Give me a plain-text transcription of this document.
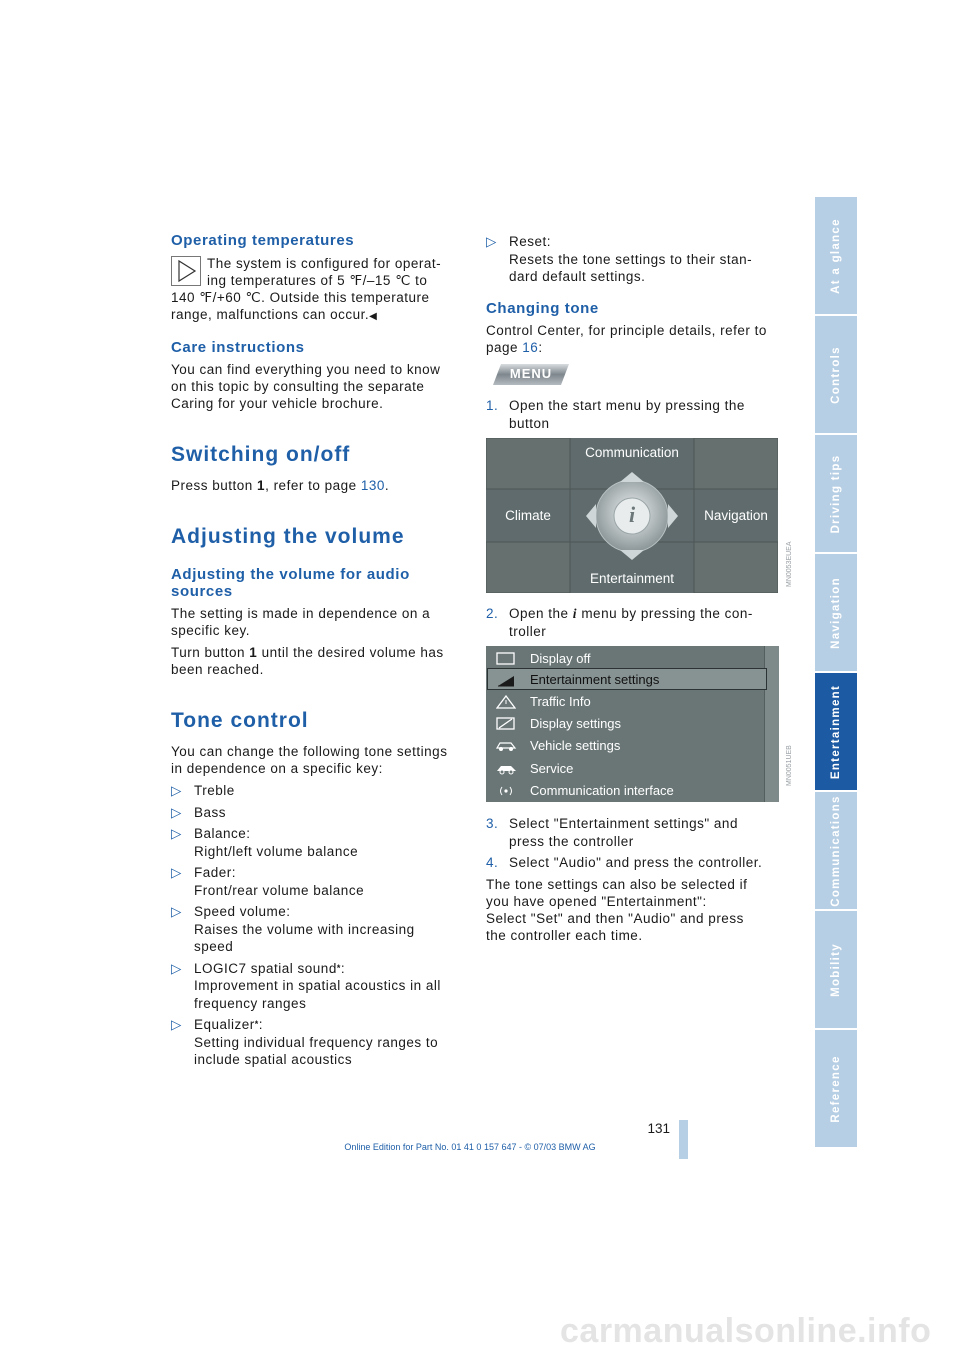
Operating temperatures
The system is configured for operat-
ing temperatures of 5 ℉/–15 ℃ to
140 ℉/+60 ℃. Outside this temperature
range, malfunctions can occur.◀
Care instructions
You can find everything you need to know
on this topic by consulting the separate
Caring for your vehicle brochure.
Switching on/off
Press button 1, refer to page 130.
Adjusting the volume
Adjusting the volume for audio
sources
The setting is made in dependence on a
specific key.
Turn button 1 until the desired volume has
been reached.
Tone control
You can change the following tone settings
in dependence on a specific key:
▷ Treble
▷ Bass
▷ Balance:
Right/left volume balance
▷ Fader:
Front/rear volume balance
▷ Speed volume:
Raises the volume with increasing
speed
▷ LOGIC7 spatial sound*:
Improvement in spatial acoustics in all
frequency ranges
▷ Equalizer*:
Setting individual frequency ranges to
include spatial acoustics
▷ Reset:
Resets the tone settings to their stan-
dard default settings.
Changing tone
Control Center, for principle details, refer to
page 16:
MENU
1. Open the start menu by pressing the
button
Communication
Climate	Navigation
Entertainment
i
MN0053EUEA
2. Open the i menu by pressing the con-
troller
Display off
Entertainment settings
Traffic Info
Display settings
Vehicle settings
Service
Communication interface
MN0051UEB
3. Select "Entertainment settings" and
press the controller
4. Select "Audio" and press the controller.
The tone settings can also be selected if
you have opened "Entertainment":
Select "Set" and then "Audio" and press
the controller each time.
At a glance
Controls
Driving tips
Navigation
Entertainment
Communications
Mobility
Reference
131
Online Edition for Part No. 01 41 0 157 647 - © 07/03 BMW AG
carmanualsonline.info
